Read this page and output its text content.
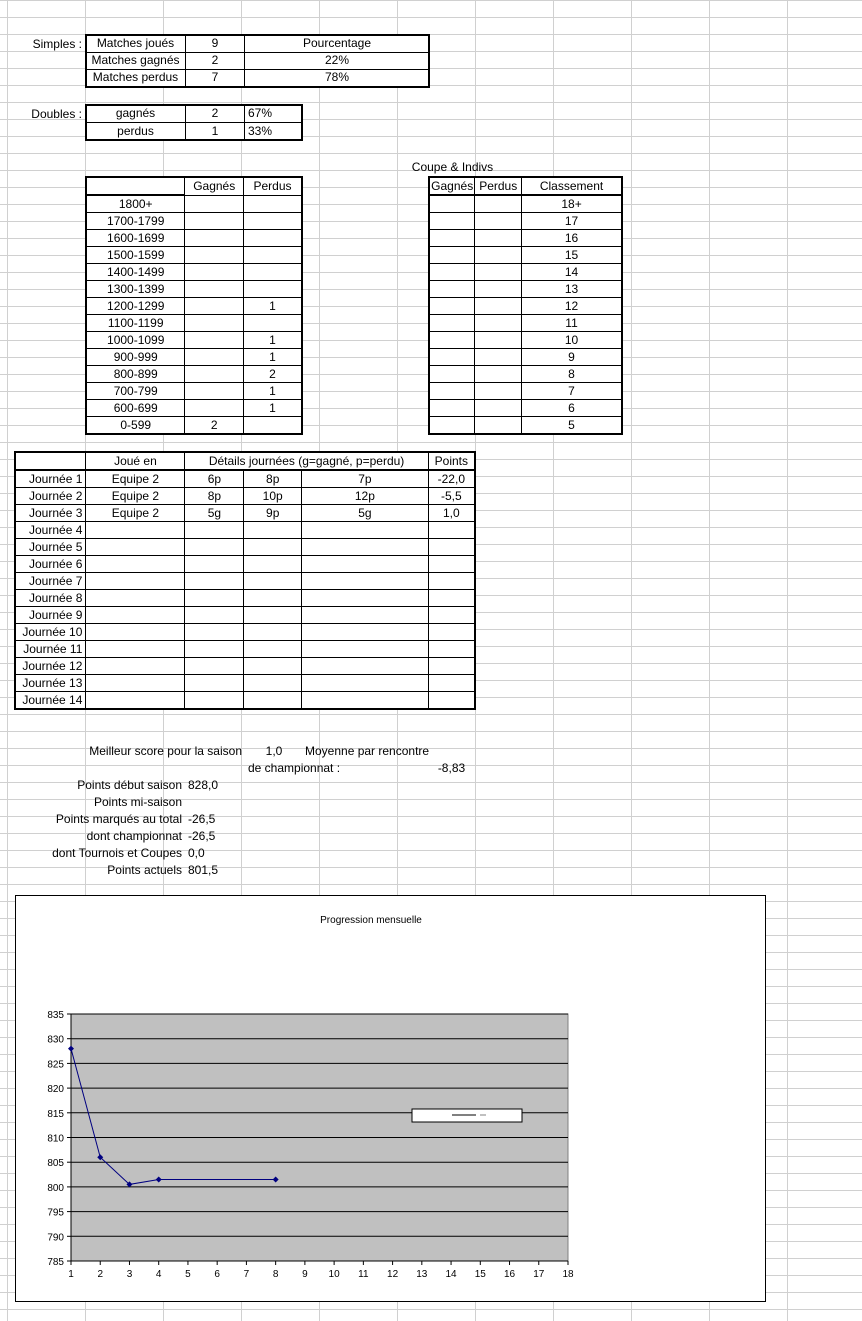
Simples :	Matches joués	9	Pourcentage
Matches gagnés	2	22%
Matches perdus	7	78%
Doubles :	gagnés	2	67%
perdus	1	33%
	Gagnés	Perdus
1800+		
1700-1799		
1600-1699		
1500-1599		
1400-1499		
1300-1399		
1200-1299		1
1100-1199		
1000-1099		1
900-999		1
800-899		2
700-799		1
600-699		1
0-599	2	
Coupe & Indivs
Gagnés	Perdus	Classement
		18+
		17
		16
		15
		14
		13
		12
		11
		10
		9
		8
		7
		6
		5
	Joué en	Détails journées (g=gagné, p=perdu)			Points
Journée 1	Equipe 2	6p	8p	7p	-22,0
Journée 2	Equipe 2	8p	10p	12p	-5,5
Journée 3	Equipe 2	5g	9p	5g	1,0
Journée 4					
Journée 5					
Journée 6					
Journée 7					
Journée 8					
Journée 9					
Journée 10					
Journée 11					
Journée 12					
Journée 13					
Journée 14					
Meilleur score pour la saison	1,0	Moyenne par rencontre
de championnat :	-8,83
Points début saison 828,0
Points mi-saison
Points marqués au total -26,5
dont championnat -26,5
dont Tournois et Coupes 0,0
Points actuels 801,5
Progression mensuelle
785
790
795
800
805
810
815
820
825
830
835
1 2 3 4 5 6 7 8 9 10 11 12 13 14 15 16 17 18
